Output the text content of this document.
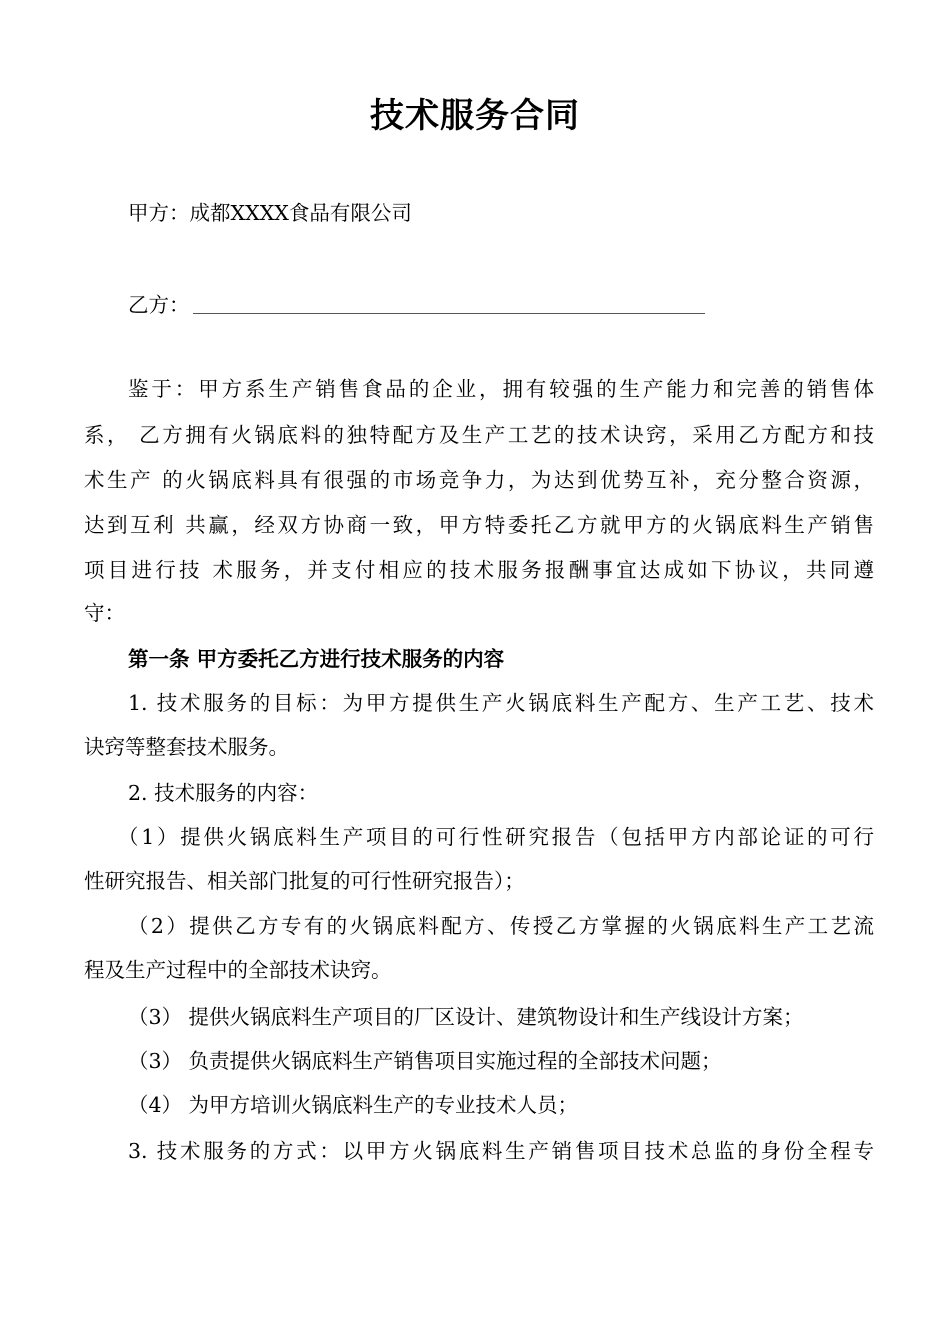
技术服务合同
甲方：成都XXXX食品有限公司
乙方：
鉴于：甲方系生产销售食品的企业，拥有较强的生产能力和完善的销售体
系， 乙方拥有火锅底料的独特配方及生产工艺的技术诀窍，采用乙方配方和技
术生产 的火锅底料具有很强的市场竞争力，为达到优势互补，充分整合资源，
达到互利 共赢，经双方协商一致，甲方特委托乙方就甲方的火锅底料生产销售
项目进行技 术服务，并支付相应的技术服务报酬事宜达成如下协议，共同遵
守：
第一条 甲方委托乙方进行技术服务的内容
1. 技术服务的目标：为甲方提供生产火锅底料生产配方、生产工艺、技术
诀窍等整套技术服务。
2. 技术服务的内容：
（1）提供火锅底料生产项目的可行性研究报告（包括甲方内部论证的可行
性研究报告、相关部门批复的可行性研究报告）；
（2）提供乙方专有的火锅底料配方、传授乙方掌握的火锅底料生产工艺流
程及生产过程中的全部技术诀窍。
（3） 提供火锅底料生产项目的厂区设计、建筑物设计和生产线设计方案；
（3） 负责提供火锅底料生产销售项目实施过程的全部技术问题；
（4） 为甲方培训火锅底料生产的专业技术人员；
3. 技术服务的方式：以甲方火锅底料生产销售项目技术总监的身份全程专
